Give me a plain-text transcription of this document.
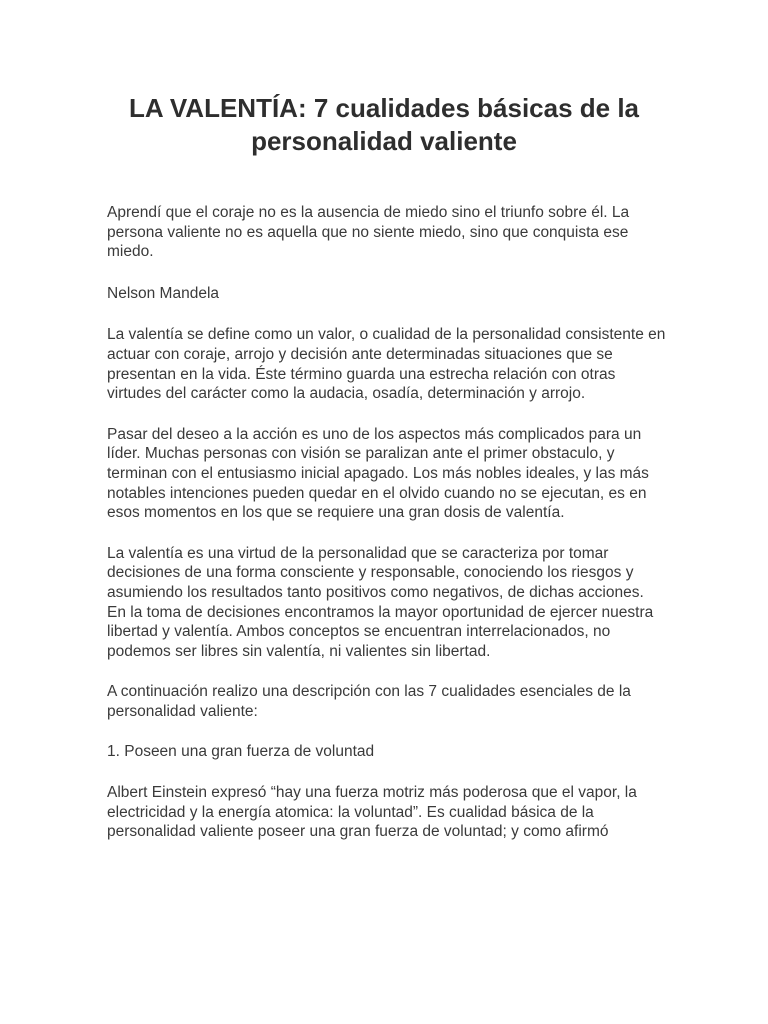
LA VALENTÍA: 7 cualidades básicas de la personalidad valiente

Aprendí que el coraje no es la ausencia de miedo sino el triunfo sobre él. La persona valiente no es aquella que no siente miedo, sino que conquista ese miedo.

Nelson Mandela

La valentía se define como un valor, o cualidad de la personalidad consistente en actuar con coraje, arrojo y decisión ante determinadas situaciones que se presentan en la vida. Éste término guarda una estrecha relación con otras virtudes del carácter como la audacia, osadía, determinación y arrojo.

Pasar del deseo a la acción es uno de los aspectos más complicados para un líder. Muchas personas con visión se paralizan ante el primer obstaculo, y terminan con el entusiasmo inicial apagado. Los más nobles ideales, y las más notables intenciones pueden quedar en el olvido cuando no se ejecutan, es en esos momentos en los que se requiere una gran dosis de valentía.

La valentía es una virtud de la personalidad que se caracteriza por tomar decisiones de una forma consciente y responsable, conociendo los riesgos y asumiendo los resultados tanto positivos como negativos, de dichas acciones. En la toma de decisiones encontramos la mayor oportunidad de ejercer nuestra libertad y valentía. Ambos conceptos se encuentran interrelacionados, no podemos ser libres sin valentía, ni valientes sin libertad.

A continuación realizo una descripción con las 7 cualidades esenciales de la personalidad valiente:

1. Poseen una gran fuerza de voluntad

Albert Einstein expresó “hay una fuerza motriz más poderosa que el vapor, la electricidad y la energía atomica: la voluntad”. Es cualidad básica de la personalidad valiente poseer una gran fuerza de voluntad; y como afirmó
